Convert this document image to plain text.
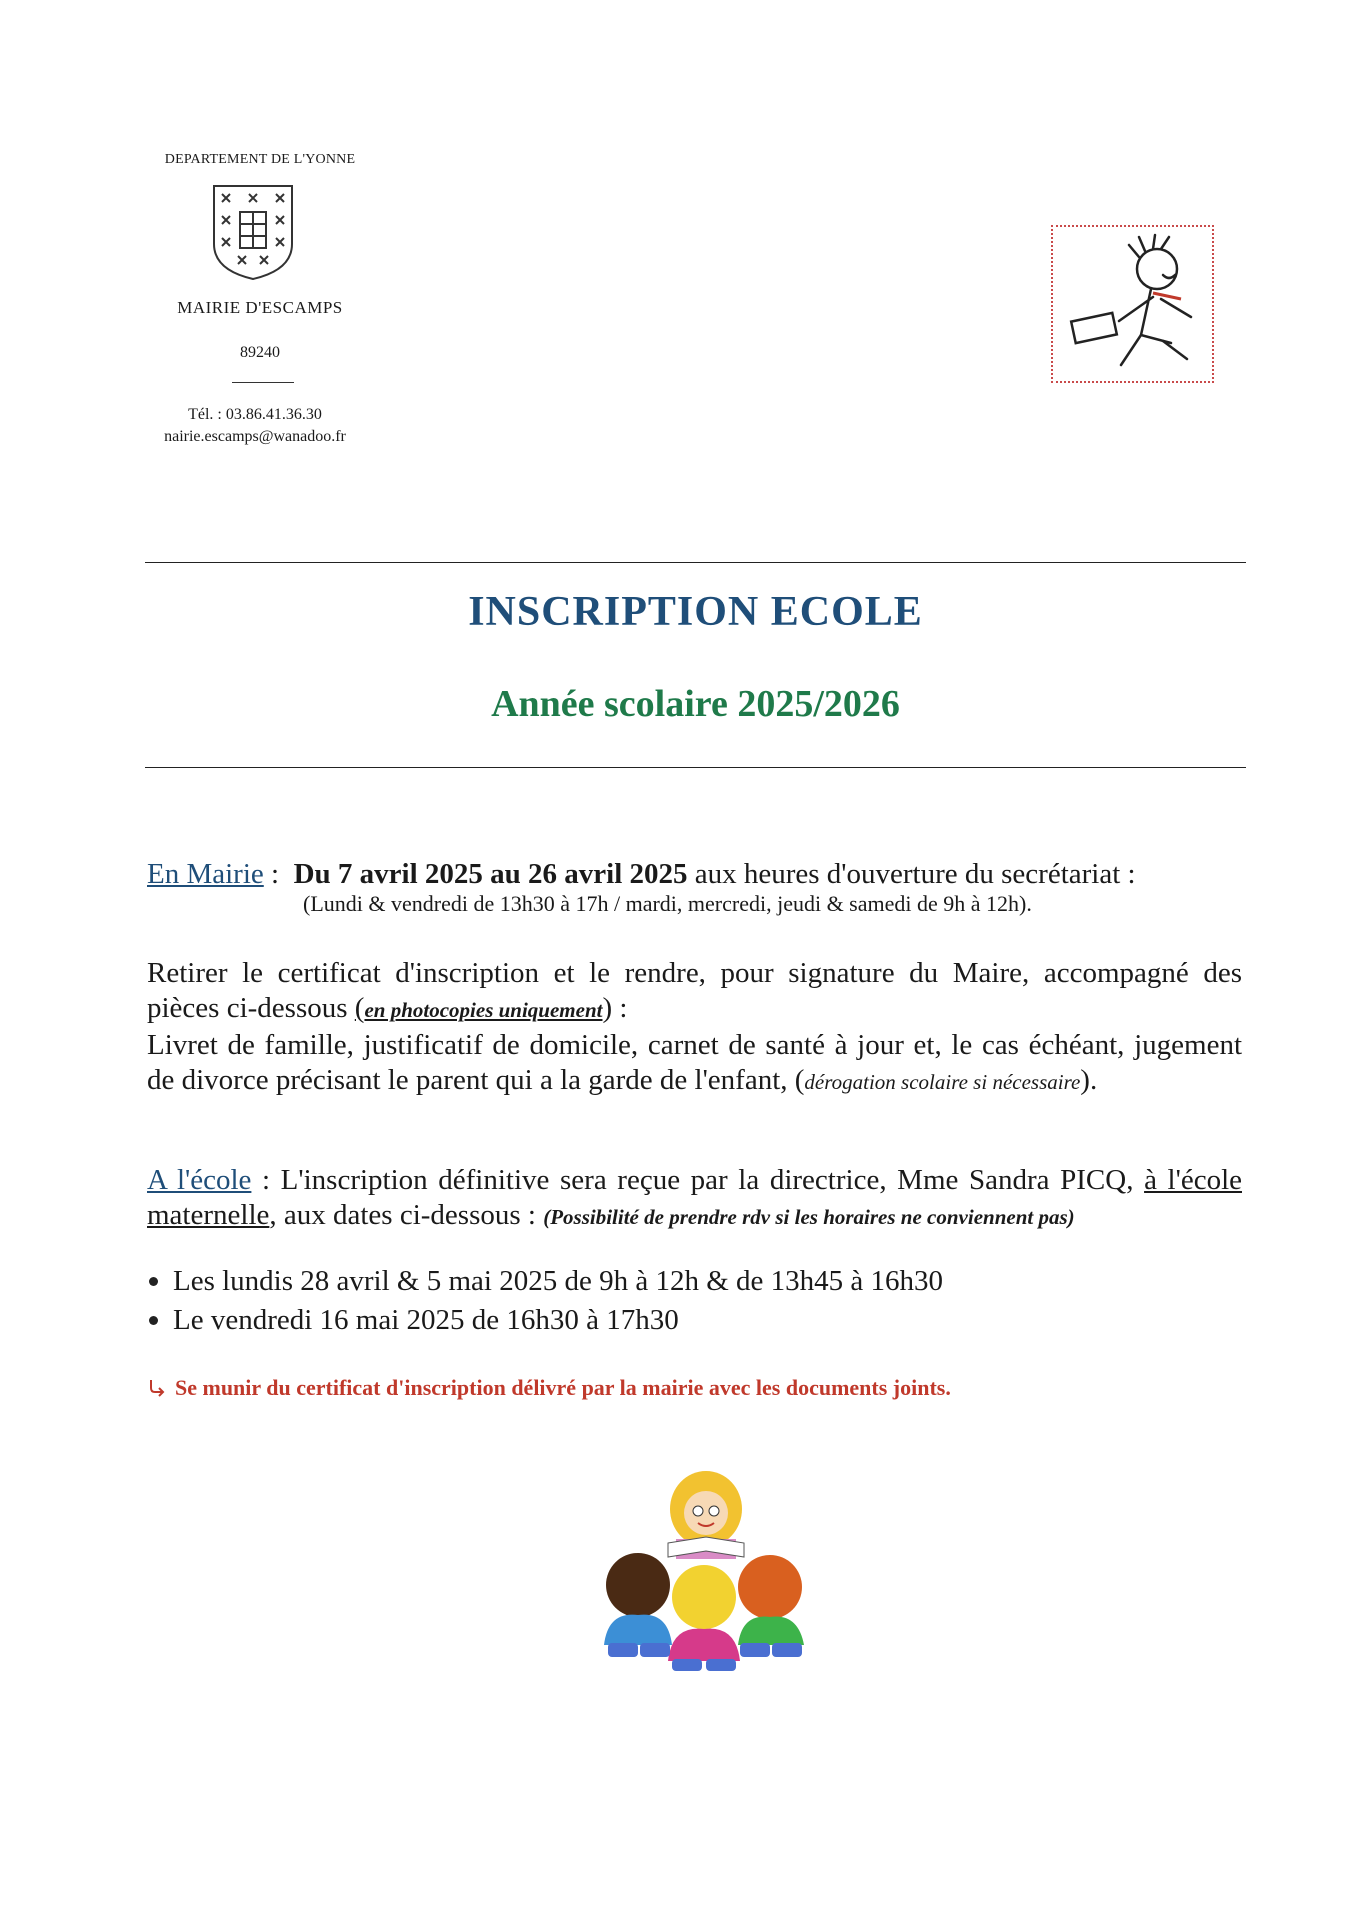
DEPARTEMENT DE L'YONNE
MAIRIE D'ESCAMPS
89240
Tél. : 03.86.41.36.30
nairie.escamps@wanadoo.fr
INSCRIPTION ECOLE
Année scolaire 2025/2026
En Mairie : Du 7 avril 2025 au 26 avril 2025 aux heures d'ouverture du secrétariat :
(Lundi & vendredi de 13h30 à 17h / mardi, mercredi, jeudi & samedi de 9h à 12h).
Retirer le certificat d'inscription et le rendre, pour signature du Maire, accompagné des
pièces ci-dessous (en photocopies uniquement) :
Livret de famille, justificatif de domicile, carnet de santé à jour et, le cas échéant, jugement
de divorce précisant le parent qui a la garde de l'enfant, (dérogation scolaire si nécessaire).
A l'école : L'inscription définitive sera reçue par la directrice, Mme Sandra PICQ, à l'école
maternelle, aux dates ci-dessous : (Possibilité de prendre rdv si les horaires ne conviennent pas)
Les lundis 28 avril & 5 mai 2025 de 9h à 12h & de 13h45 à 16h30
Le vendredi 16 mai 2025 de 16h30 à 17h30
Se munir du certificat d'inscription délivré par la mairie avec les documents joints.
